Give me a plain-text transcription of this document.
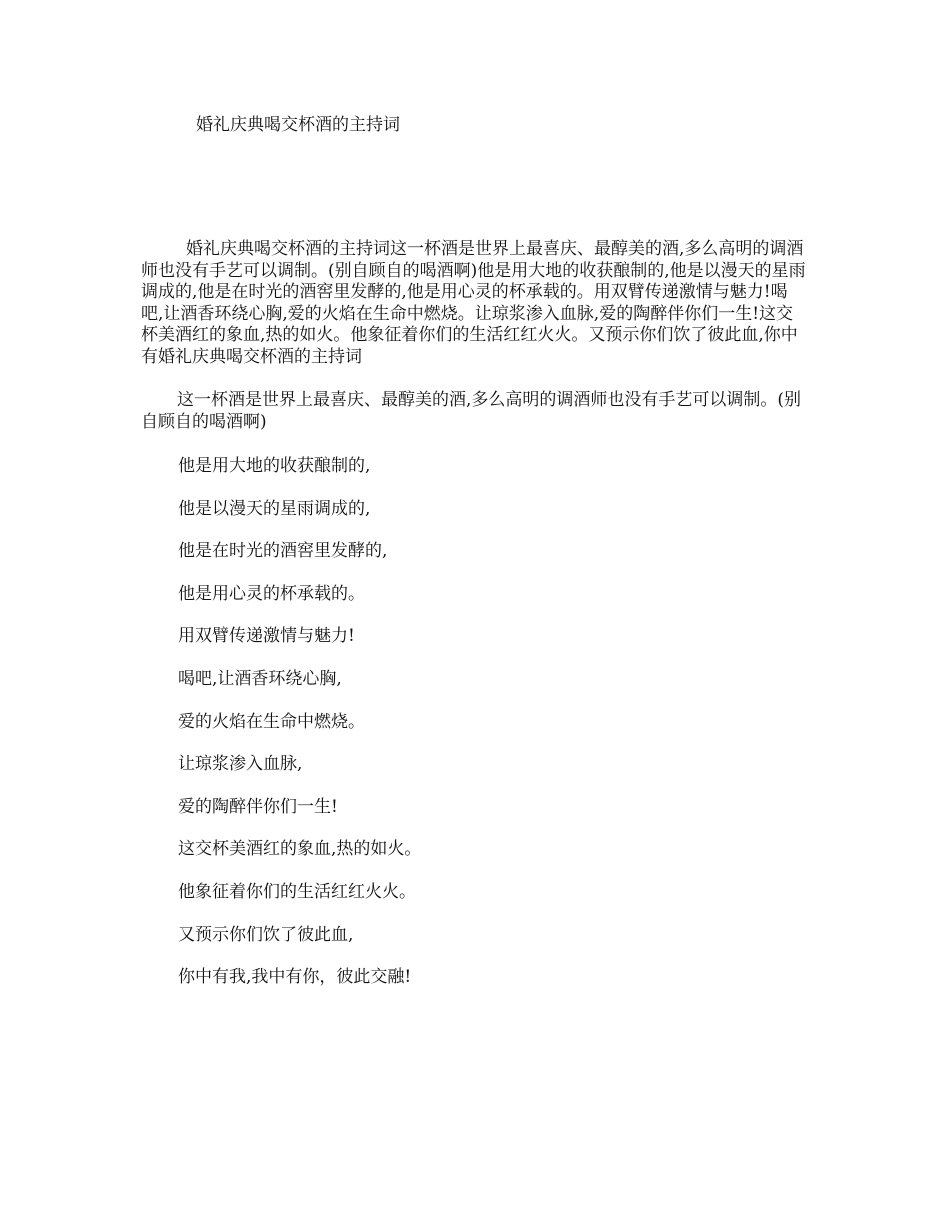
婚礼庆典喝交杯酒的主持词

婚礼庆典喝交杯酒的主持词这一杯酒是世界上最喜庆、最醇美的酒,多么高明的调酒师也没有手艺可以调制。(别自顾自的喝酒啊)他是用大地的收获酿制的,他是以漫天的星雨调成的,他是在时光的酒窖里发酵的,他是用心灵的杯承载的。用双臂传递激情与魅力!喝吧,让酒香环绕心胸,爱的火焰在生命中燃烧。让琼浆渗入血脉,爱的陶醉伴你们一生!这交杯美酒红的象血,热的如火。他象征着你们的生活红红火火。又预示你们饮了彼此血,你中有婚礼庆典喝交杯酒的主持词

这一杯酒是世界上最喜庆、最醇美的酒,多么高明的调酒师也没有手艺可以调制。(别自顾自的喝酒啊)

他是用大地的收获酿制的,
他是以漫天的星雨调成的,
他是在时光的酒窖里发酵的,
他是用心灵的杯承载的。
用双臂传递激情与魅力!
喝吧,让酒香环绕心胸,
爱的火焰在生命中燃烧。
让琼浆渗入血脉,
爱的陶醉伴你们一生!
这交杯美酒红的象血,热的如火。
他象征着你们的生活红红火火。
又预示你们饮了彼此血,
你中有我,我中有你，彼此交融!
